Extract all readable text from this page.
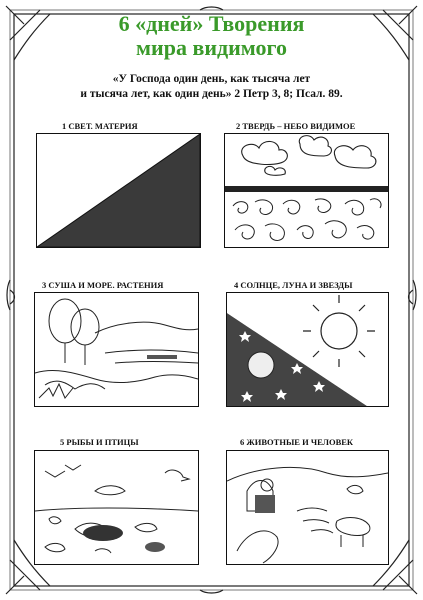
6 «дней» Творения
мира видимого
«У Господа один день, как тысяча лет
и тысяча лет, как один день» 2 Петр 3, 8; Псал. 89.
1 СВЕТ. МАТЕРИЯ	2 ТВЕРДЬ – НЕБО ВИДИМОЕ
3 СУША И МОРЕ. РАСТЕНИЯ	4 СОЛНЦЕ, ЛУНА И ЗВЕЗДЫ
5 РЫБЫ И ПТИЦЫ	6 ЖИВОТНЫЕ И ЧЕЛОВЕК
